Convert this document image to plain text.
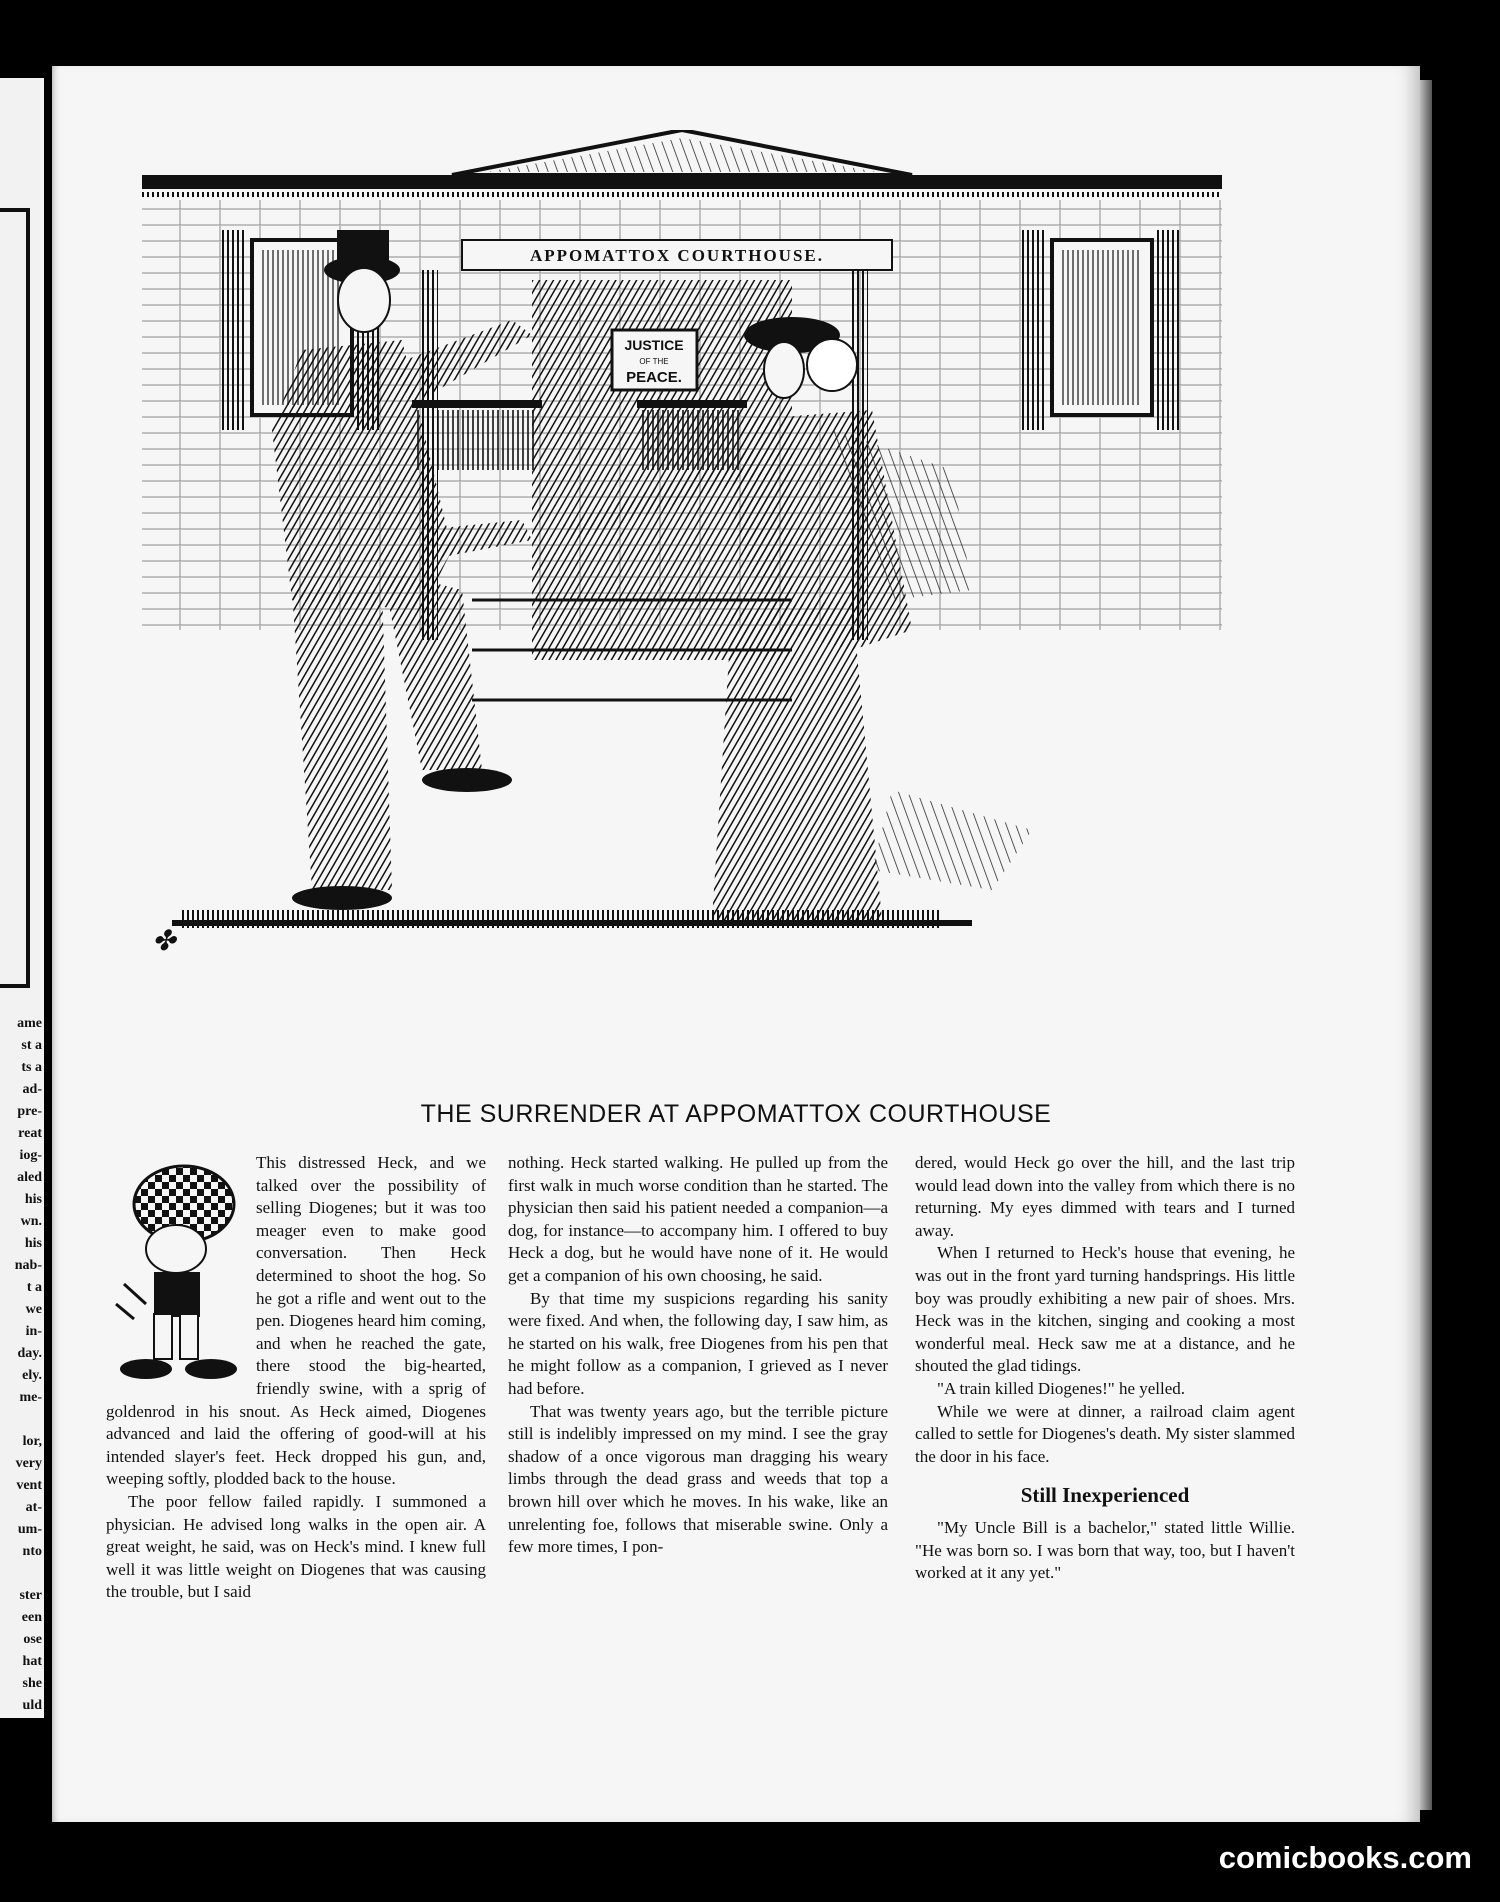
ame
st a
ts a
ad-
pre-
reat
iog-
aled
his
wn.
his
nab-
t a
we
in-
day.
ely.
me-

lor,
very
vent
at-
um-
nto

ster
een
ose
hat
she
uld
APPOMATTOX COURTHOUSE.
JUSTICE
OF THE
PEACE.
✤
THE SURRENDER AT APPOMATTOX COURTHOUSE

This distressed Heck, and we talked over the possibility of selling Diogenes; but it was too meager even to make good conversation. Then Heck determined to shoot the hog. So he got a rifle and went out to the pen. Diogenes heard him coming, and when he reached the gate, there stood the big-hearted, friendly swine, with a sprig of goldenrod in his snout. As Heck aimed, Diogenes advanced and laid the offering of good-will at his intended slayer's feet. Heck dropped his gun, and, weeping softly, plodded back to the house.

The poor fellow failed rapidly. I summoned a physician. He advised long walks in the open air. A great weight, he said, was on Heck's mind. I knew full well it was little weight on Diogenes that was causing the trouble, but I said

nothing. Heck started walking. He pulled up from the first walk in much worse condition than he started. The physician then said his patient needed a companion—a dog, for instance—to accompany him. I offered to buy Heck a dog, but he would have none of it. He would get a companion of his own choosing, he said.

By that time my suspicions regarding his sanity were fixed. And when, the following day, I saw him, as he started on his walk, free Diogenes from his pen that he might follow as a companion, I grieved as I never had before.

That was twenty years ago, but the terrible picture still is indelibly impressed on my mind. I see the gray shadow of a once vigorous man dragging his weary limbs through the dead grass and weeds that top a brown hill over which he moves. In his wake, like an unrelenting foe, follows that miserable swine. Only a few more times, I pon-

dered, would Heck go over the hill, and the last trip would lead down into the valley from which there is no returning. My eyes dimmed with tears and I turned away.

When I returned to Heck's house that evening, he was out in the front yard turning handsprings. His little boy was proudly exhibiting a new pair of shoes. Mrs. Heck was in the kitchen, singing and cooking a most wonderful meal. Heck saw me at a distance, and he shouted the glad tidings.

"A train killed Diogenes!" he yelled.

While we were at dinner, a railroad claim agent called to settle for Diogenes's death. My sister slammed the door in his face.

Still Inexperienced

"My Uncle Bill is a bachelor," stated little Willie. "He was born so. I was born that way, too, but I haven't worked at it any yet."

comicbooks.com
